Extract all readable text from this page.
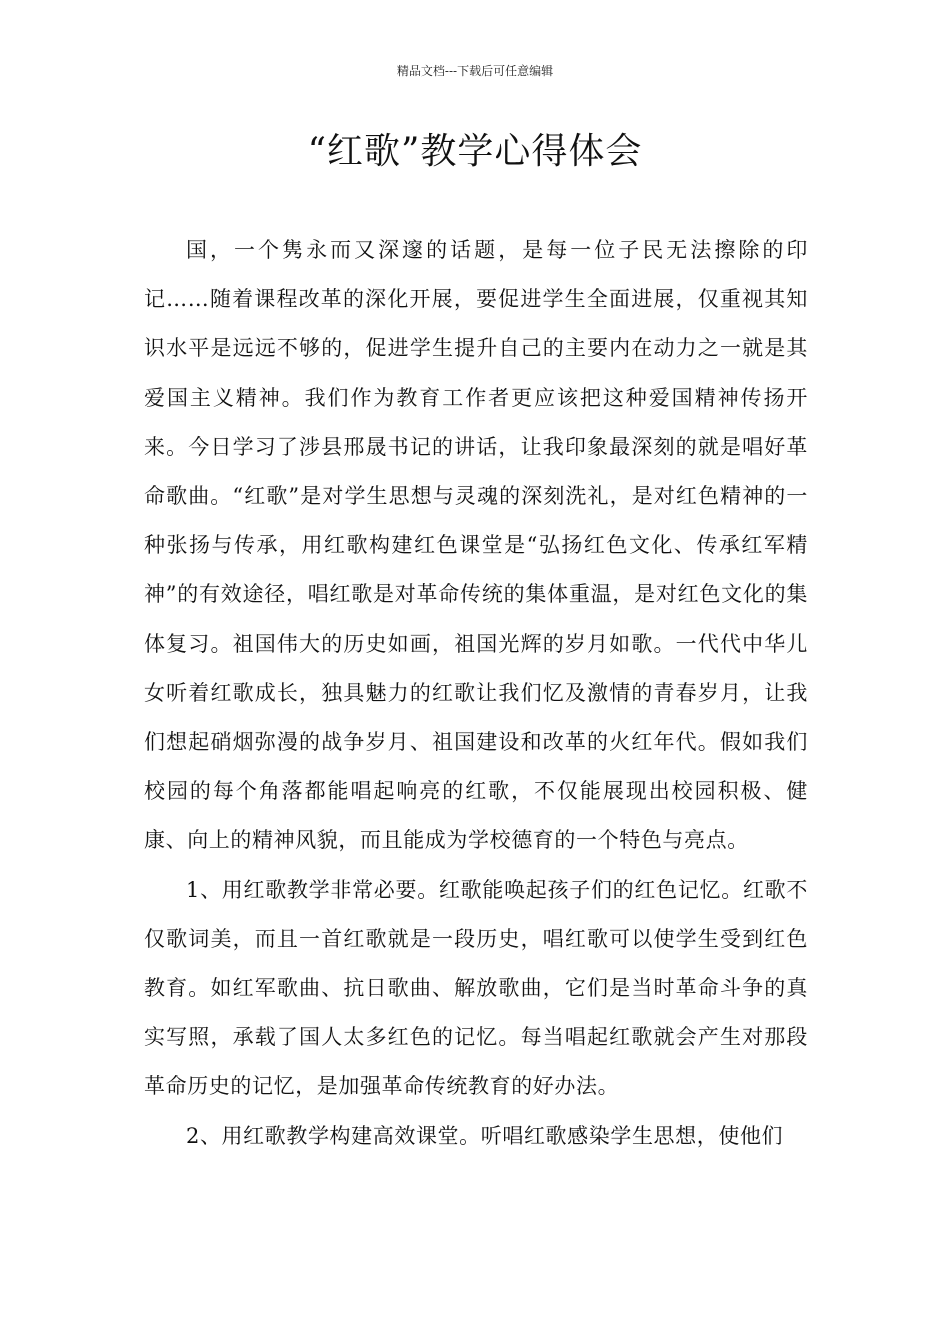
精品文档---下载后可任意编辑
“红歌”教学心得体会

国，一个隽永而又深邃的话题，是每一位子民无法擦除的印记……随着课程改革的深化开展，要促进学生全面进展，仅重视其知识水平是远远不够的，促进学生提升自己的主要内在动力之一就是其爱国主义精神。我们作为教育工作者更应该把这种爱国精神传扬开来。今日学习了涉县邢晟书记的讲话，让我印象最深刻的就是唱好革命歌曲。“红歌”是对学生思想与灵魂的深刻洗礼，是对红色精神的一种张扬与传承，用红歌构建红色课堂是“弘扬红色文化、传承红军精神”的有效途径，唱红歌是对革命传统的集体重温，是对红色文化的集体复习。祖国伟大的历史如画，祖国光辉的岁月如歌。一代代中华儿女听着红歌成长，独具魅力的红歌让我们忆及激情的青春岁月，让我们想起硝烟弥漫的战争岁月、祖国建设和改革的火红年代。假如我们校园的每个角落都能唱起响亮的红歌，不仅能展现出校园积极、健康、向上的精神风貌，而且能成为学校德育的一个特色与亮点。

1、用红歌教学非常必要。红歌能唤起孩子们的红色记忆。红歌不仅歌词美，而且一首红歌就是一段历史，唱红歌可以使学生受到红色教育。如红军歌曲、抗日歌曲、解放歌曲，它们是当时革命斗争的真实写照，承载了国人太多红色的记忆。每当唱起红歌就会产生对那段革命历史的记忆，是加强革命传统教育的好办法。

2、用红歌教学构建高效课堂。听唱红歌感染学生思想，使他们
